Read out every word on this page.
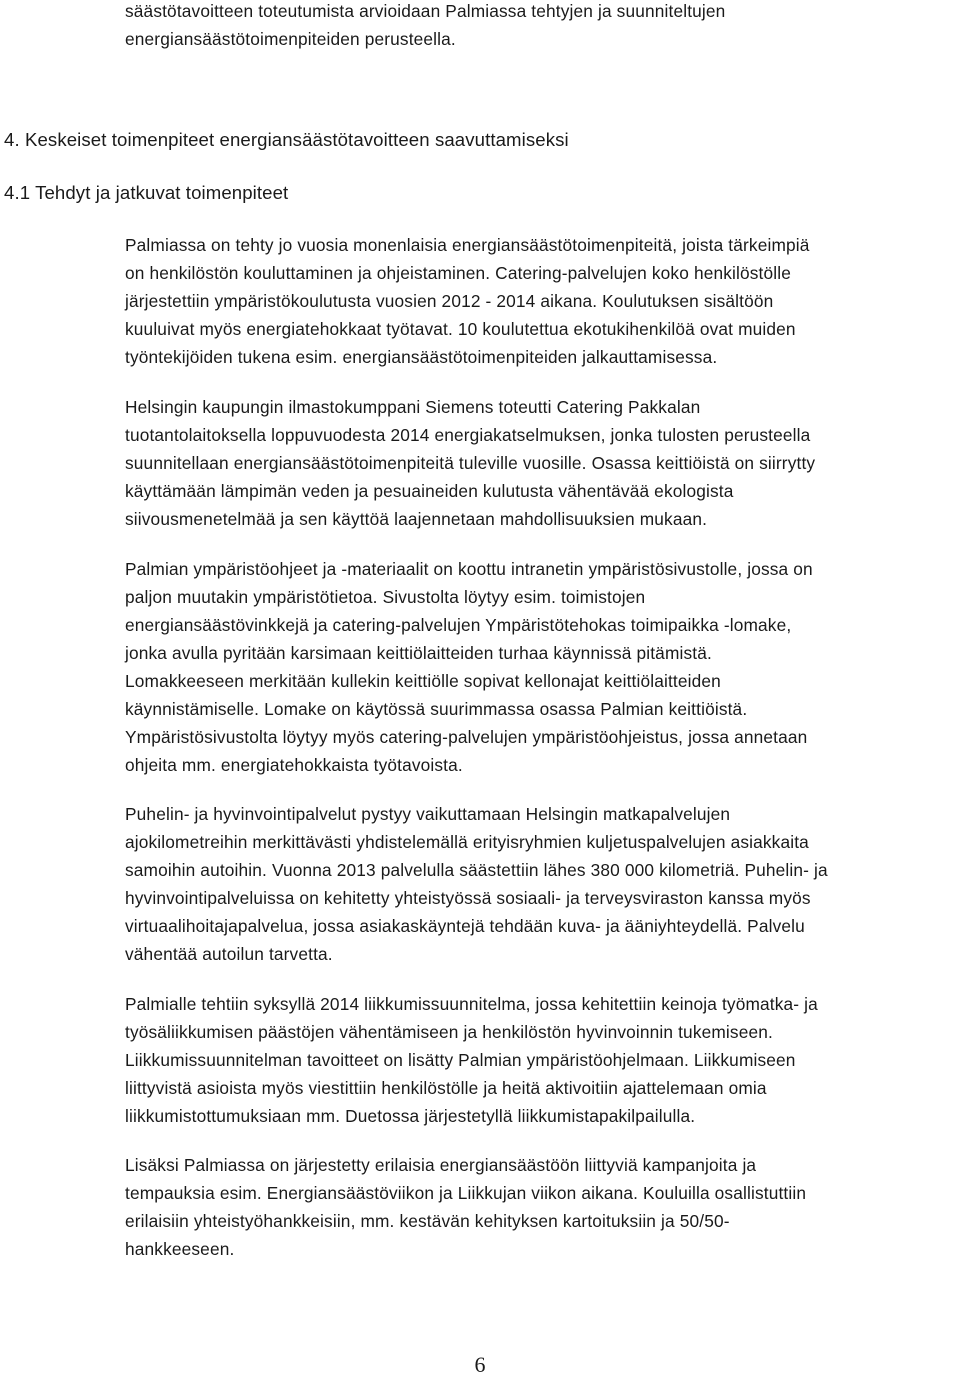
säästötavoitteen toteutumista arvioidaan Palmiassa tehtyjen ja suunniteltujen

energiansäästötoimenpiteiden perusteella.

4. Keskeiset toimenpiteet energiansäästötavoitteen saavuttamiseksi
4.1 Tehdyt ja jatkuvat toimenpiteet

Palmiassa on tehty jo vuosia monenlaisia energiansäästötoimenpiteitä, joista tärkeimpiä

on henkilöstön kouluttaminen ja ohjeistaminen. Catering-palvelujen koko henkilöstölle

järjestettiin ympäristökoulutusta vuosien 2012 - 2014 aikana. Koulutuksen sisältöön

kuuluivat myös energiatehokkaat työtavat. 10 koulutettua ekotukihenkilöä ovat muiden

työntekijöiden tukena esim. energiansäästötoimenpiteiden jalkauttamisessa.

Helsingin kaupungin ilmastokumppani Siemens toteutti Catering Pakkalan

tuotantolaitoksella loppuvuodesta 2014 energiakatselmuksen, jonka tulosten perusteella

suunnitellaan energiansäästötoimenpiteitä tuleville vuosille. Osassa keittiöistä on siirrytty

käyttämään lämpimän veden ja pesuaineiden kulutusta vähentävää ekologista

siivousmenetelmää ja sen käyttöä laajennetaan mahdollisuuksien mukaan.

Palmian ympäristöohjeet ja -materiaalit on koottu intranetin ympäristösivustolle, jossa on

paljon muutakin ympäristötietoa. Sivustolta löytyy esim. toimistojen

energiansäästövinkkejä ja catering-palvelujen Ympäristötehokas toimipaikka -lomake,

jonka avulla pyritään karsimaan keittiölaitteiden turhaa käynnissä pitämistä.

Lomakkeeseen merkitään kullekin keittiölle sopivat kellonajat keittiölaitteiden

käynnistämiselle. Lomake on käytössä suurimmassa osassa Palmian keittiöistä.

Ympäristösivustolta löytyy myös catering-palvelujen ympäristöohjeistus, jossa annetaan

ohjeita mm. energiatehokkaista työtavoista.

Puhelin- ja hyvinvointipalvelut pystyy vaikuttamaan Helsingin matkapalvelujen

ajokilometreihin merkittävästi yhdistelemällä erityisryhmien kuljetuspalvelujen asiakkaita

samoihin autoihin. Vuonna 2013 palvelulla säästettiin lähes 380 000 kilometriä. Puhelin- ja

hyvinvointipalveluissa on kehitetty yhteistyössä sosiaali- ja terveysviraston kanssa myös

virtuaalihoitajapalvelua, jossa asiakaskäyntejä tehdään kuva- ja ääniyhteydellä. Palvelu

vähentää autoilun tarvetta.

Palmialle tehtiin syksyllä 2014 liikkumissuunnitelma, jossa kehitettiin keinoja työmatka- ja

työsäliikkumisen päästöjen vähentämiseen ja henkilöstön hyvinvoinnin tukemiseen.

Liikkumissuunnitelman tavoitteet on lisätty Palmian ympäristöohjelmaan. Liikkumiseen

liittyvistä asioista myös viestittiin henkilöstölle ja heitä aktivoitiin ajattelemaan omia

liikkumistottumuksiaan mm. Duetossa järjestetyllä liikkumistapakilpailulla.

Lisäksi Palmiassa on järjestetty erilaisia energiansäästöön liittyviä kampanjoita ja

tempauksia esim. Energiansäästöviikon ja Liikkujan viikon aikana. Kouluilla osallistuttiin

erilaisiin yhteistyöhankkeisiin, mm. kestävän kehityksen kartoituksiin ja 50/50-

hankkeeseen.

6
